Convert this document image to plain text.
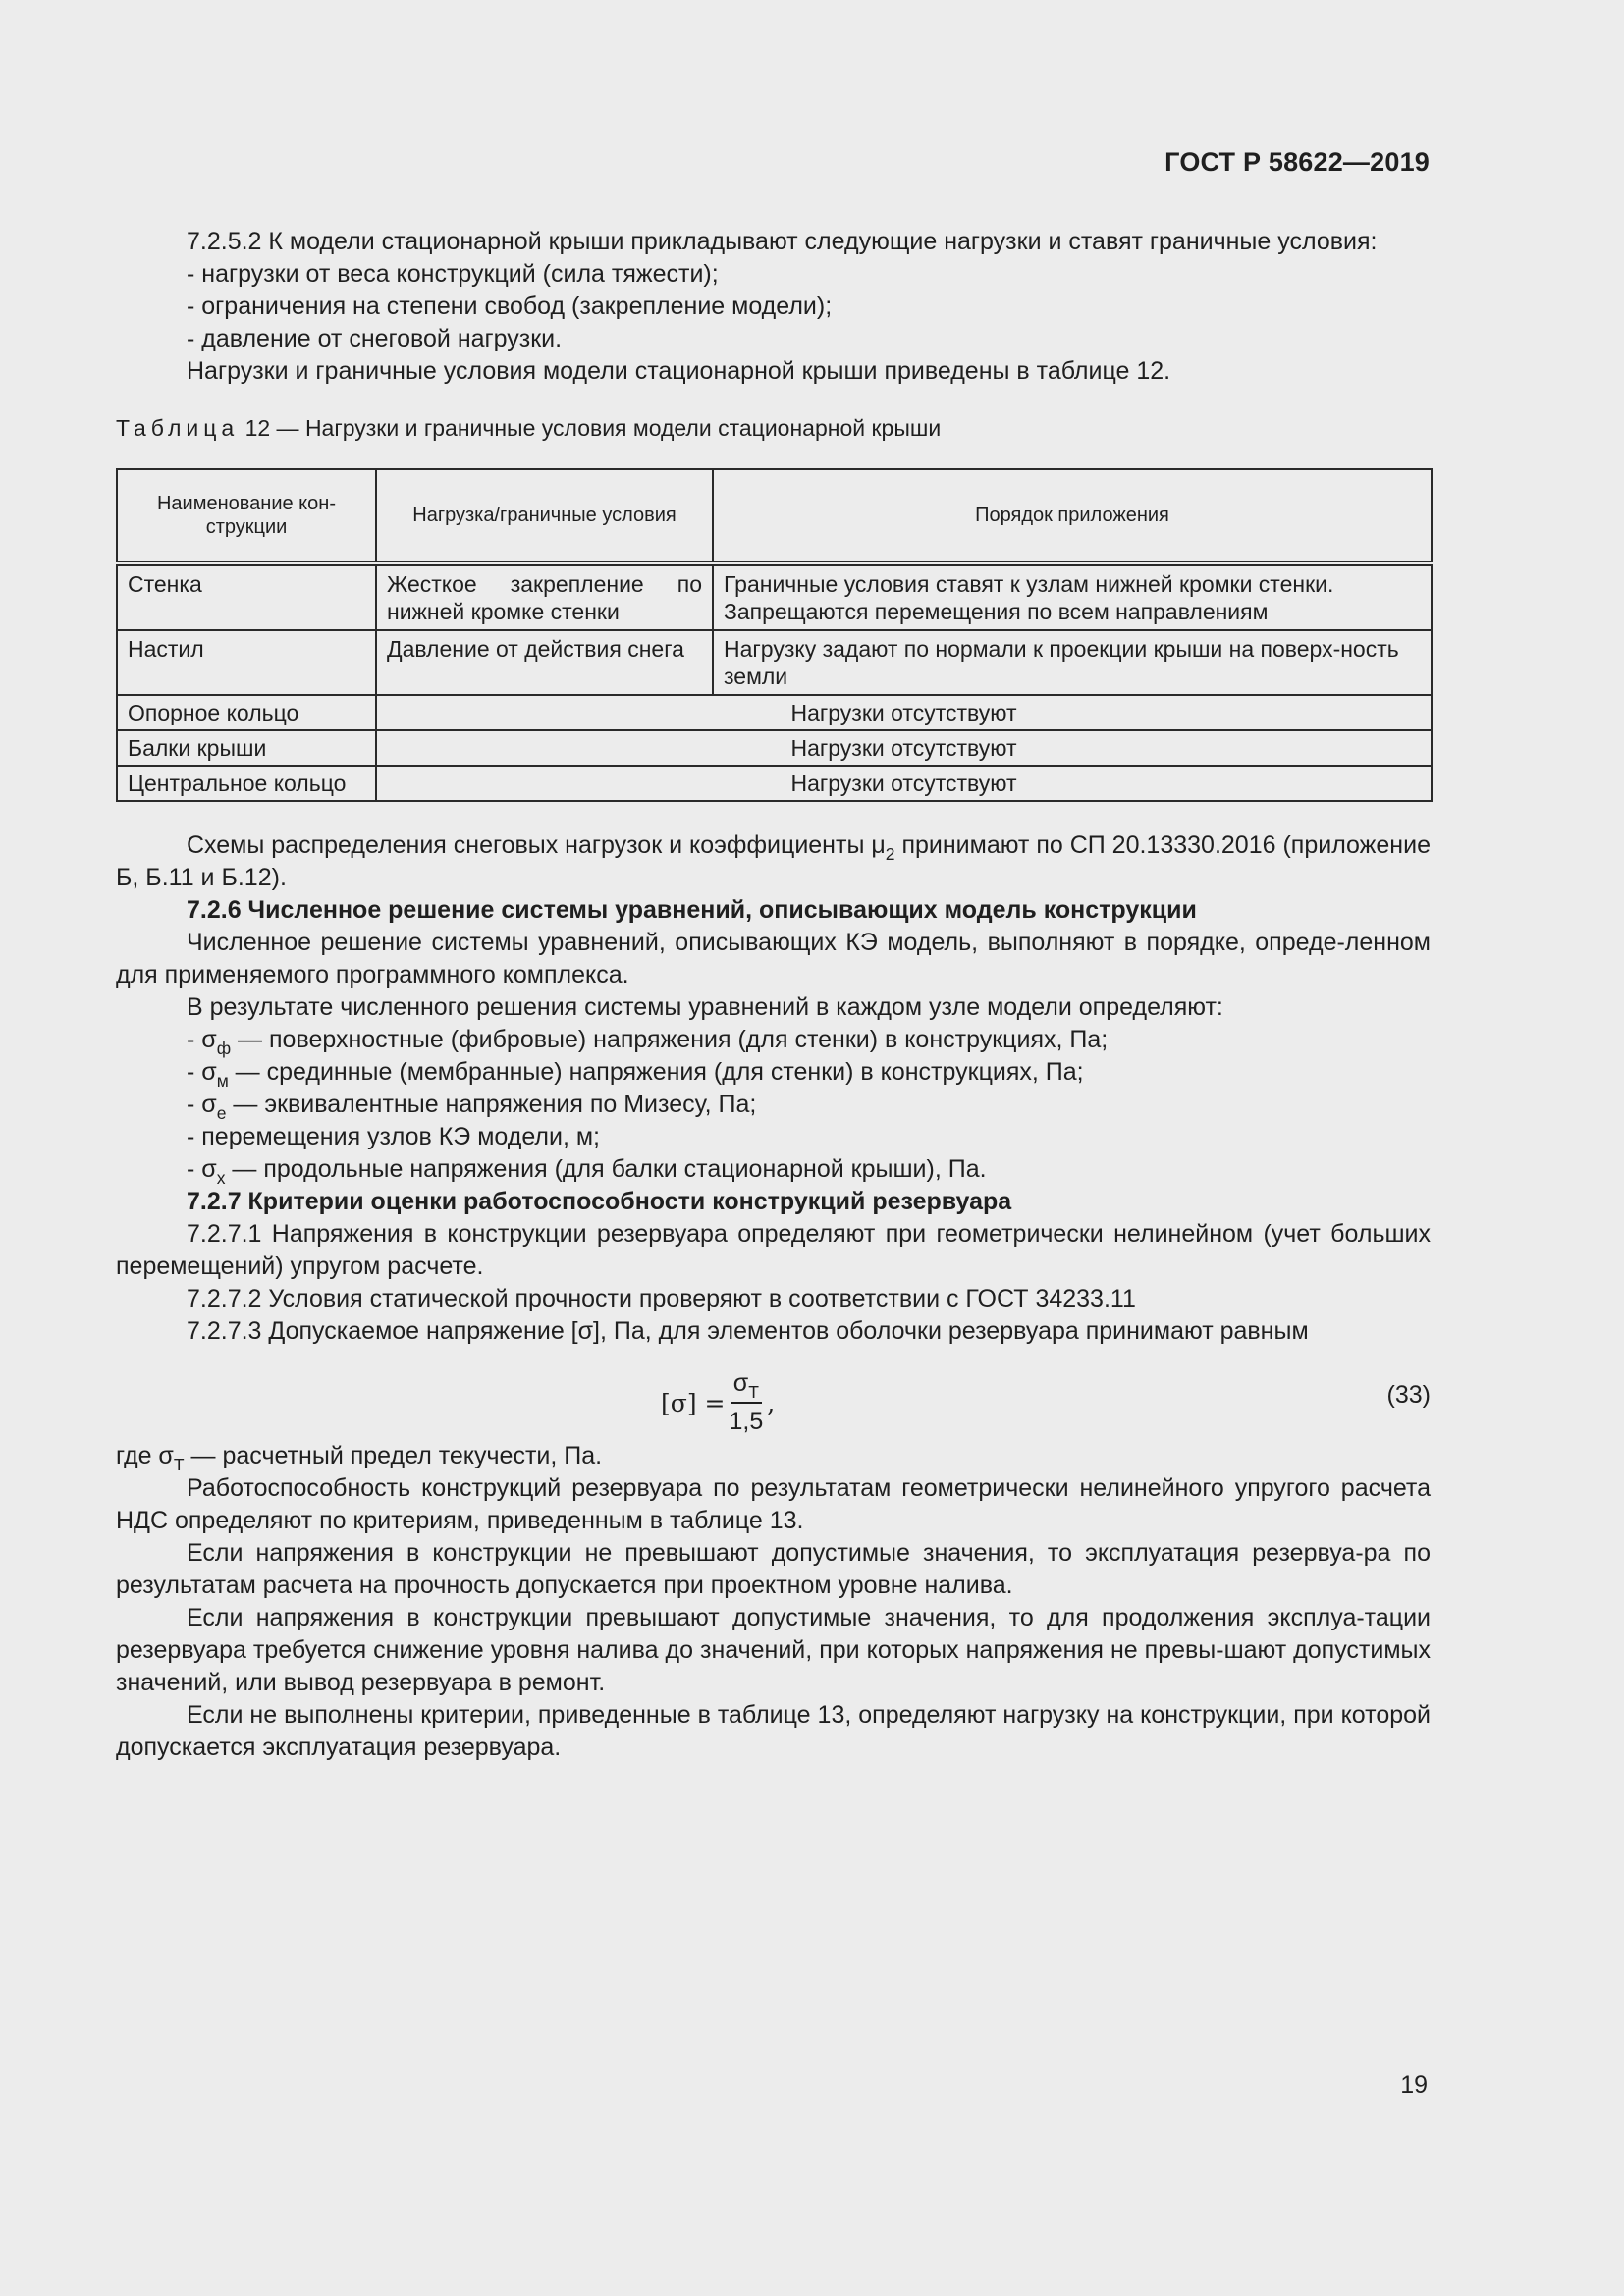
ГОСТ Р 58622—2019

7.2.5.2 К модели стационарной крыши прикладывают следующие нагрузки и ставят граничные условия:

- нагрузки от веса конструкций (сила тяжести);

- ограничения на степени свобод (закрепление модели);

- давление от снеговой нагрузки.

Нагрузки и граничные условия модели стационарной крыши приведены в таблице 12.

Таблица 12 — Нагрузки и граничные условия модели стационарной крыши

Наименование кон-струкции	Нагрузка/граничные условия	Порядок приложения
Стенка	Жесткое закрепление по нижней кромке стенки	Граничные условия ставят к узлам нижней кромки стенки. Запрещаются перемещения по всем направлениям
Настил	Давление от действия снега	Нагрузку задают по нормали к проекции крыши на поверх-ность земли
Опорное кольцо	Нагрузки отсутствуют	
Балки крыши	Нагрузки отсутствуют	
Центральное кольцо	Нагрузки отсутствуют	

Схемы распределения снеговых нагрузок и коэффициенты $\mu_2$ принимают по СП 20.13330.2016 (приложение Б, Б.11 и Б.12).

7.2.6 Численное решение системы уравнений, описывающих модель конструкции

Численное решение системы уравнений, описывающих КЭ модель, выполняют в порядке, опреде-ленном для применяемого программного комплекса.

В результате численного решения системы уравнений в каждом узле модели определяют:

- $\sigma_ф$ — поверхностные (фибровые) напряжения (для стенки) в конструкциях, Па;

- $\sigma_м$ — срединные (мембранные) напряжения (для стенки) в конструкциях, Па;

- $\sigma_е$ — эквивалентные напряжения по Мизесу, Па;

- перемещения узлов КЭ модели, м;

- $\sigma_x$ — продольные напряжения (для балки стационарной крыши), Па.

7.2.7 Критерии оценки работоспособности конструкций резервуара

7.2.7.1 Напряжения в конструкции резервуара определяют при геометрически нелинейном (учет больших перемещений) упругом расчете.

7.2.7.2 Условия статической прочности проверяют в соответствии с ГОСТ 34233.11

7.2.7.3 Допускаемое напряжение [σ], Па, для элементов оболочки резервуара принимают равным

$[\sigma] = \frac{\sigma_T}{1,5}$ ,	(33)

где $\sigma_T$ — расчетный предел текучести, Па.

Работоспособность конструкций резервуара по результатам геометрически нелинейного упругого расчета НДС определяют по критериям, приведенным в таблице 13.

Если напряжения в конструкции не превышают допустимые значения, то эксплуатация резервуа-ра по результатам расчета на прочность допускается при проектном уровне налива.

Если напряжения в конструкции превышают допустимые значения, то для продолжения эксплуа-тации резервуара требуется снижение уровня налива до значений, при которых напряжения не превы-шают допустимых значений, или вывод резервуара в ремонт.

Если не выполнены критерии, приведенные в таблице 13, определяют нагрузку на конструкции, при которой допускается эксплуатация резервуара.

19
